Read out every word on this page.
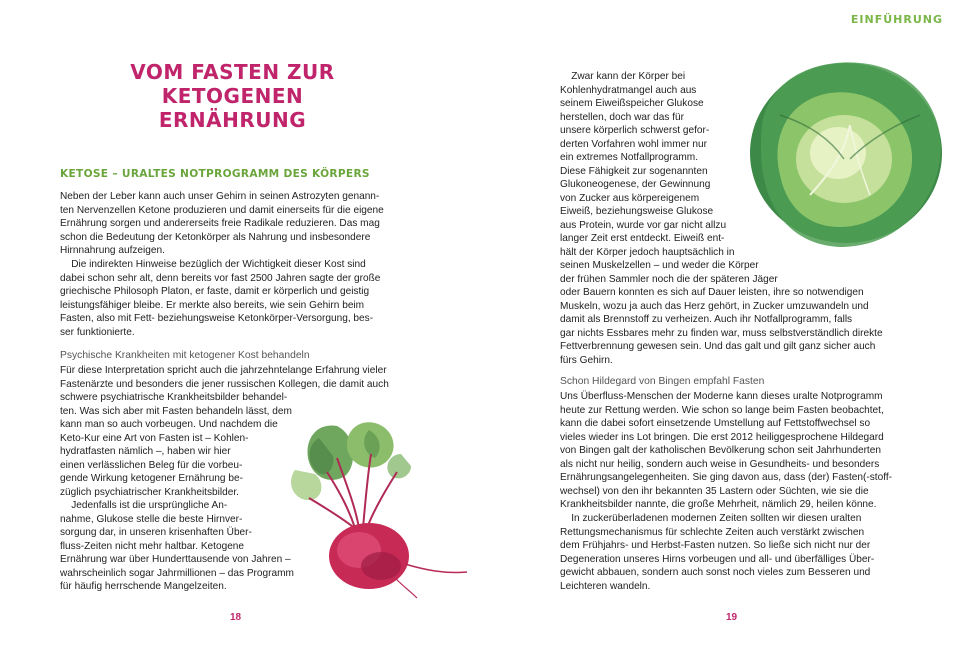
VOM FASTEN ZUR KETOGENEN
ERNÄHRUNG
KETOSE – URALTES NOTPROGRAMM DES KÖRPERS
Neben der Leber kann auch unser Gehirn in seinen Astrozyten genann-
ten Nervenzellen Ketone produzieren und damit einerseits für die eigene
Ernährung sorgen und andererseits freie Radikale reduzieren. Das mag
schon die Bedeutung der Ketonkörper als Nahrung und insbesondere
Hirnnahrung aufzeigen.
Die indirekten Hinweise bezüglich der Wichtigkeit dieser Kost sind
dabei schon sehr alt, denn bereits vor fast 2500 Jahren sagte der große
griechische Philosoph Platon, er faste, damit er körperlich und geistig
leistungsfähiger bleibe. Er merkte also bereits, wie sein Gehirn beim
Fasten, also mit Fett- beziehungsweise Ketonkörper-Versorgung, bes-
ser funktionierte.
Psychische Krankheiten mit ketogener Kost behandeln
Für diese Interpretation spricht auch die jahrzehntelange Erfahrung vieler
Fastenärzte und besonders die jener russischen Kollegen, die damit auch
schwere psychiatrische Krankheitsbilder behandel-
ten. Was sich aber mit Fasten behandeln lässt, dem
kann man so auch vorbeugen. Und nachdem die
Keto-Kur eine Art von Fasten ist – Kohlen-
hydratfasten nämlich –, haben wir hier
einen verlässlichen Beleg für die vorbeu-
gende Wirkung ketogener Ernährung be-
züglich psychiatrischer Krankheitsbilder.
Jedenfalls ist die ursprüngliche An-
nahme, Glukose stelle die beste Hirnver-
sorgung dar, in unseren krisenhaften Über-
fluss-Zeiten nicht mehr haltbar. Ketogene
Ernährung war über Hunderttausende von Jahren –
wahrscheinlich sogar Jahrmillionen – das Programm
für häufig herrschende Mangelzeiten.
18
EINFÜHRUNG
Zwar kann der Körper bei
Kohlenhydratmangel auch aus
seinem Eiweißspeicher Glukose
herstellen, doch war das für
unsere körperlich schwerst gefor-
derten Vorfahren wohl immer nur
ein extremes Notfallprogramm.
Diese Fähigkeit zur sogenannten
Glukoneogenese, der Gewinnung
von Zucker aus körpereigenem
Eiweiß, beziehungsweise Glukose
aus Protein, wurde vor gar nicht allzu
langer Zeit erst entdeckt. Eiweiß ent-
hält der Körper jedoch hauptsächlich in
seinen Muskelzellen – und weder die Körper
der frühen Sammler noch die der späteren Jäger
oder Bauern konnten es sich auf Dauer leisten, ihre so notwendigen
Muskeln, wozu ja auch das Herz gehört, in Zucker umzuwandeln und
damit als Brennstoff zu verheizen. Auch ihr Notfallprogramm, falls
gar nichts Essbares mehr zu finden war, muss selbstverständlich direkte
Fettverbrennung gewesen sein. Und das galt und gilt ganz sicher auch
fürs Gehirn.
Schon Hildegard von Bingen empfahl Fasten
Uns Überfluss-Menschen der Moderne kann dieses uralte Notprogramm
heute zur Rettung werden. Wie schon so lange beim Fasten beobachtet,
kann die dabei sofort einsetzende Umstellung auf Fettstoffwechsel so
vieles wieder ins Lot bringen. Die erst 2012 heiliggesprochene Hildegard
von Bingen galt der katholischen Bevölkerung schon seit Jahrhunderten
als nicht nur heilig, sondern auch weise in Gesundheits- und besonders
Ernährungsangelegenheiten. Sie ging davon aus, dass (der) Fasten(-stoff-
wechsel) von den ihr bekannten 35 Lastern oder Süchten, wie sie die
Krankheitsbilder nannte, die große Mehrheit, nämlich 29, heilen könne.
In zuckerüberladenen modernen Zeiten sollten wir diesen uralten
Rettungsmechanismus für schlechte Zeiten auch verstärkt zwischen
dem Frühjahrs- und Herbst-Fasten nutzen. So ließe sich nicht nur der
Degeneration unseres Hirns vorbeugen und all- und überfälliges Über-
gewicht abbauen, sondern auch sonst noch vieles zum Besseren und
Leichteren wandeln.
19
